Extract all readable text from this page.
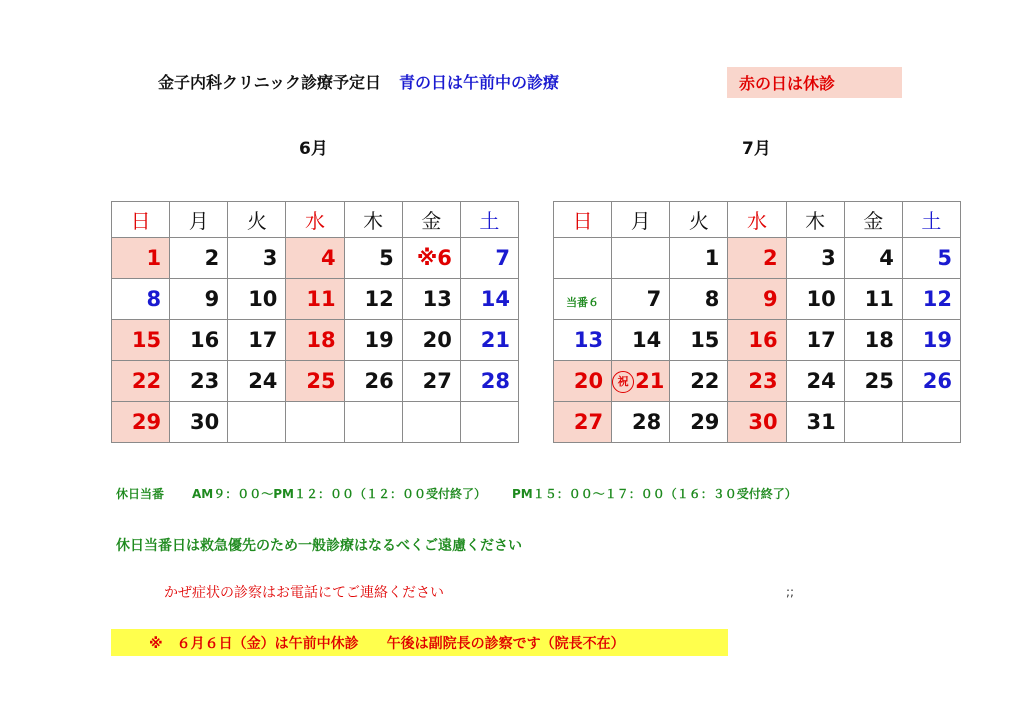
金子内科クリニック診療予定日 青の日は午前中の診療	赤の日は休診
6月	7月
日	月	火	水	木	金	土
1	2	3	4	5	※6	7
8	9	10	11	12	13	14
15	16	17	18	19	20	21
22	23	24	25	26	27	28
29	30					
日	月	火	水	木	金	土
		1	2	3	4	5
当番６	7	8	9	10	11	12
13	14	15	16	17	18	19
20	祝 21	22	23	24	25	26
27	28	29	30	31		
休日当番 AM９：００～PM１２：００（１２：００受付終了） PM１５：００～１７：００（１６：３０受付終了）
休日当番日は救急優先のため一般診療はなるべくご遠慮ください
かぜ症状の診察はお電話にてご連絡ください	;;
※　６月６日（金）は午前中休診　　午後は副院長の診察です（院長不在）
